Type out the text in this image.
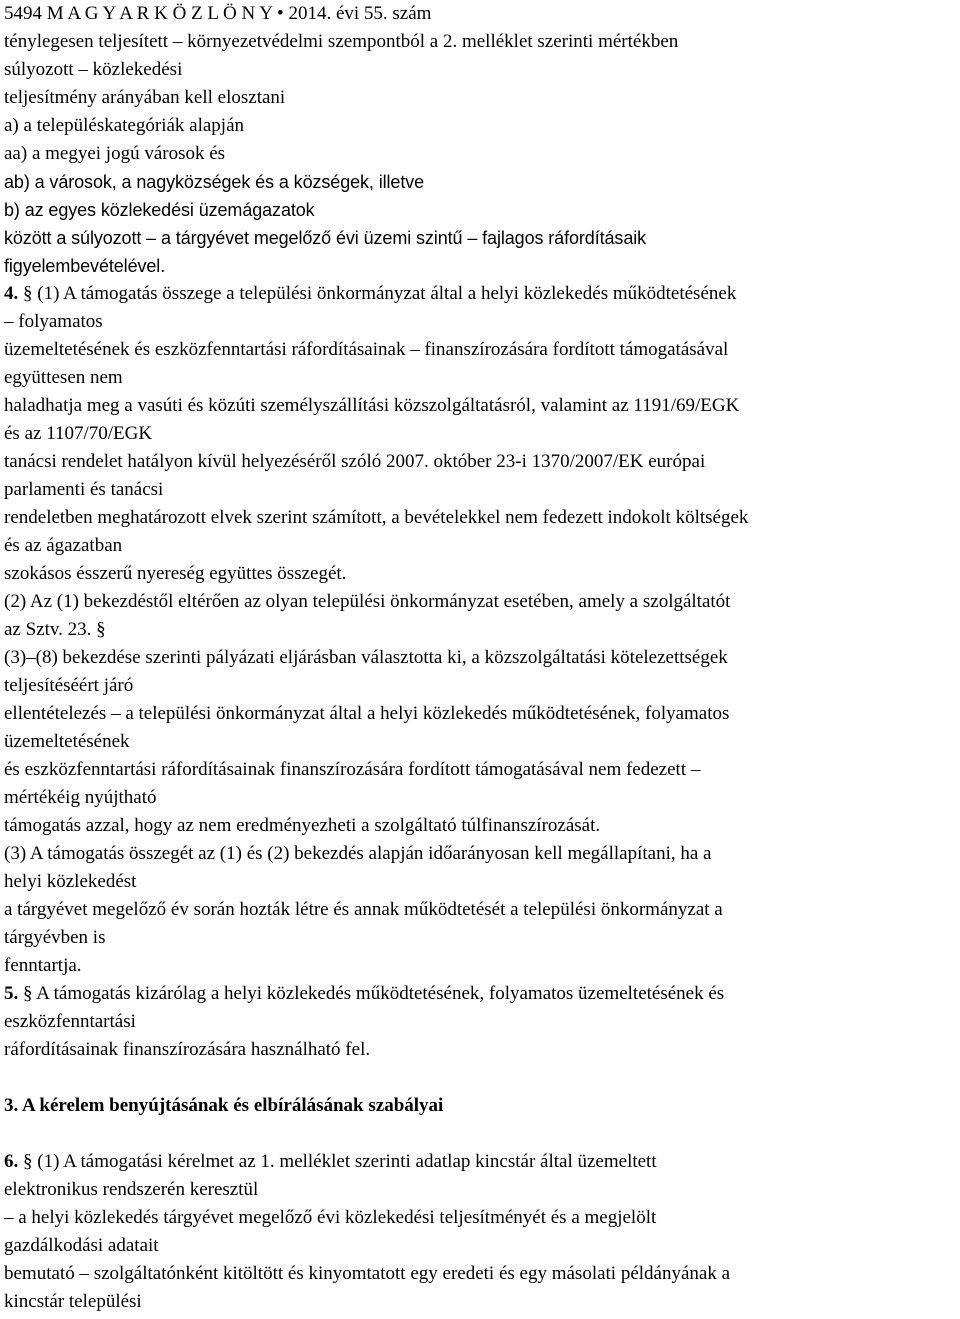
5494 M A G Y A R K Ö Z L Ö N Y • 2014. évi 55. szám
ténylegesen teljesített – környezetvédelmi szempontból a 2. melléklet szerinti mértékben
súlyozott – közlekedési
teljesítmény arányában kell elosztani
a) a településkategóriák alapján
aa) a megyei jogú városok és
ab) a városok, a nagyközségek és a községek, illetve
b) az egyes közlekedési üzemágazatok
között a súlyozott – a tárgyévet megelőző évi üzemi szintű – fajlagos ráfordításaik
figyelembevételével.
4. § (1) A támogatás összege a települési önkormányzat által a helyi közlekedés működtetésének
– folyamatos
üzemeltetésének és eszközfenntartási ráfordításainak – finanszírozására fordított támogatásával
együttesen nem
haladhatja meg a vasúti és közúti személyszállítási közszolgáltatásról, valamint az 1191/69/EGK
és az 1107/70/EGK
tanácsi rendelet hatályon kívül helyezéséről szóló 2007. október 23-i 1370/2007/EK európai
parlamenti és tanácsi
rendeletben meghatározott elvek szerint számított, a bevételekkel nem fedezett indokolt költségek
és az ágazatban
szokásos ésszerű nyereség együttes összegét.
(2) Az (1) bekezdéstől eltérően az olyan települési önkormányzat esetében, amely a szolgáltatót
az Sztv. 23. §
(3)–(8) bekezdése szerinti pályázati eljárásban választotta ki, a közszolgáltatási kötelezettségek
teljesítéséért járó
ellentételezés – a települési önkormányzat által a helyi közlekedés működtetésének, folyamatos
üzemeltetésének
és eszközfenntartási ráfordításainak finanszírozására fordított támogatásával nem fedezett –
mértékéig nyújtható
támogatás azzal, hogy az nem eredményezheti a szolgáltató túlfinanszírozását.
(3) A támogatás összegét az (1) és (2) bekezdés alapján időarányosan kell megállapítani, ha a
helyi közlekedést
a tárgyévet megelőző év során hozták létre és annak működtetését a települési önkormányzat a
tárgyévben is
fenntartja.
5. § A támogatás kizárólag a helyi közlekedés működtetésének, folyamatos üzemeltetésének és
eszközfenntartási
ráfordításainak finanszírozására használható fel.
3. A kérelem benyújtásának és elbírálásának szabályai
6. § (1) A támogatási kérelmet az 1. melléklet szerinti adatlap kincstár által üzemeltett
elektronikus rendszerén keresztül
– a helyi közlekedés tárgyévet megelőző évi közlekedési teljesítményét és a megjelölt
gazdálkodási adatait
bemutató – szolgáltatónként kitöltött és kinyomtatott egy eredeti és egy másolati példányának a
kincstár települési
